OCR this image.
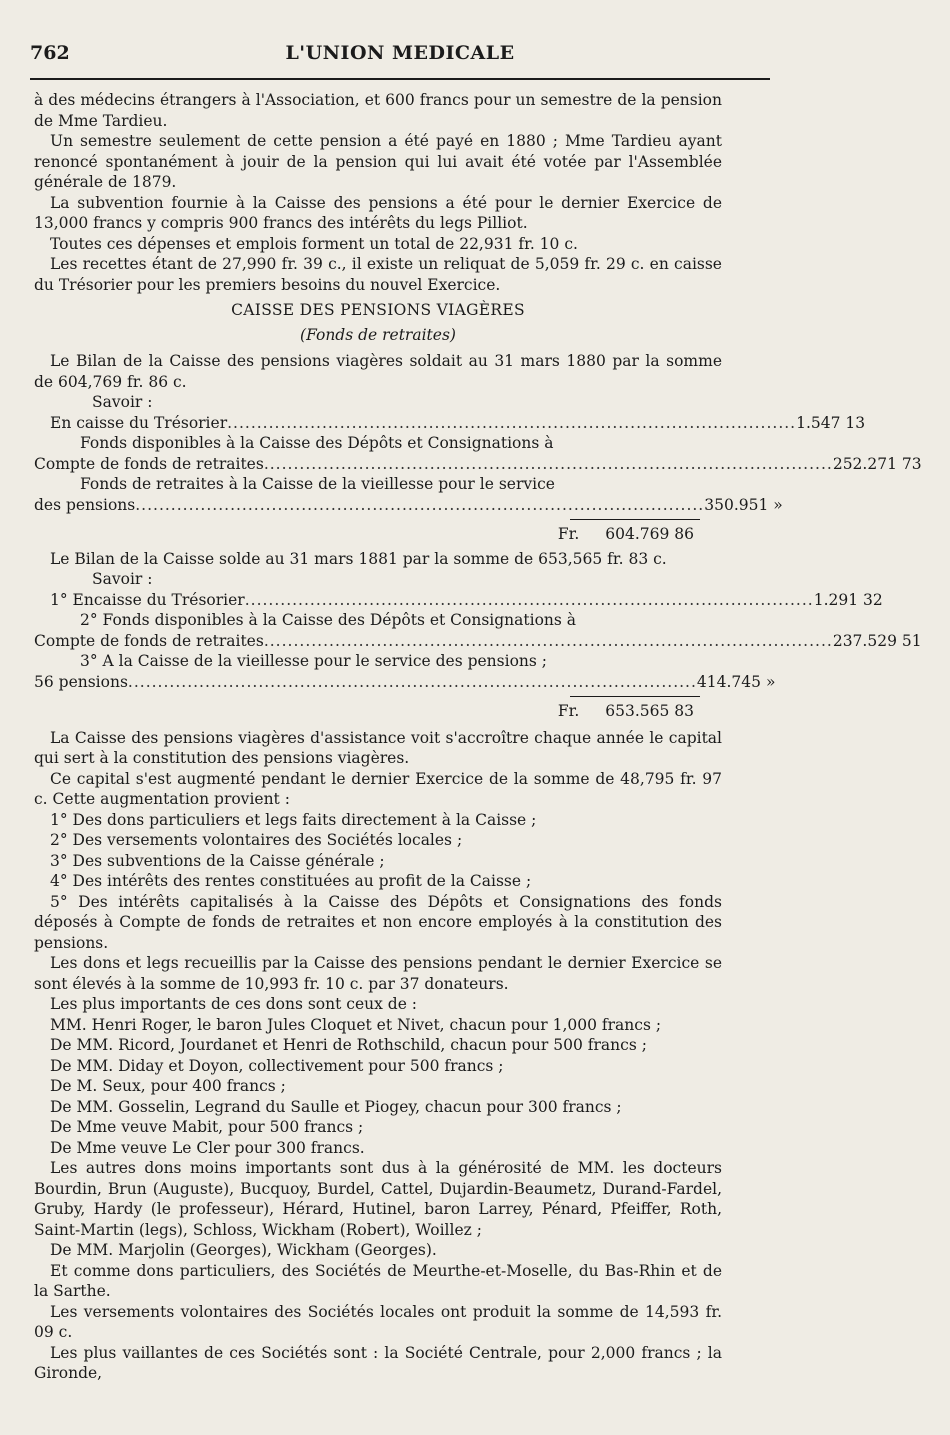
762	L'UNION MEDICALE

à des médecins étrangers à l'Association, et 600 francs pour un semestre de la pension de Mme Tardieu.

Un semestre seulement de cette pension a été payé en 1880 ; Mme Tardieu ayant renoncé spontanément à jouir de la pension qui lui avait été votée par l'Assemblée générale de 1879.

La subvention fournie à la Caisse des pensions a été pour le dernier Exercice de 13,000 francs y compris 900 francs des intérêts du legs Pilliot.

Toutes ces dépenses et emplois forment un total de 22,931 fr. 10 c.

Les recettes étant de 27,990 fr. 39 c., il existe un reliquat de 5,059 fr. 29 c. en caisse du Trésorier pour les premiers besoins du nouvel Exercice.

CAISSE DES PENSIONS VIAGÈRES
(Fonds de retraites)

Le Bilan de la Caisse des pensions viagères soldait au 31 mars 1880 par la somme de 604,769 fr. 86 c.

Savoir :

En caisse du Trésorier ................................................................................................ 1.547 13
Fonds disponibles à la Caisse des Dépôts et Consignations à
Compte de fonds de retraites ................................................................................................ 252.271 73
Fonds de retraites à la Caisse de la vieillesse pour le service
des pensions ................................................................................................ 350.951 »
Fr. 604.769 86

Le Bilan de la Caisse solde au 31 mars 1881 par la somme de 653,565 fr. 83 c.

Savoir :

1° Encaisse du Trésorier ................................................................................................ 1.291 32
2° Fonds disponibles à la Caisse des Dépôts et Consignations à
Compte de fonds de retraites ................................................................................................ 237.529 51
3° A la Caisse de la vieillesse pour le service des pensions ;
56 pensions ................................................................................................ 414.745 »
Fr. 653.565 83

La Caisse des pensions viagères d'assistance voit s'accroître chaque année le capital qui sert à la constitution des pensions viagères.

Ce capital s'est augmenté pendant le dernier Exercice de la somme de 48,795 fr. 97 c. Cette augmentation provient :

1° Des dons particuliers et legs faits directement à la Caisse ;

2° Des versements volontaires des Sociétés locales ;

3° Des subventions de la Caisse générale ;

4° Des intérêts des rentes constituées au profit de la Caisse ;

5° Des intérêts capitalisés à la Caisse des Dépôts et Consignations des fonds déposés à Compte de fonds de retraites et non encore employés à la constitution des pensions.

Les dons et legs recueillis par la Caisse des pensions pendant le dernier Exercice se sont élevés à la somme de 10,993 fr. 10 c. par 37 donateurs.

Les plus importants de ces dons sont ceux de :

MM. Henri Roger, le baron Jules Cloquet et Nivet, chacun pour 1,000 francs ;

De MM. Ricord, Jourdanet et Henri de Rothschild, chacun pour 500 francs ;

De MM. Diday et Doyon, collectivement pour 500 francs ;

De M. Seux, pour 400 francs ;

De MM. Gosselin, Legrand du Saulle et Piogey, chacun pour 300 francs ;

De Mme veuve Mabit, pour 500 francs ;

De Mme veuve Le Cler pour 300 francs.

Les autres dons moins importants sont dus à la générosité de MM. les docteurs Bourdin, Brun (Auguste), Bucquoy, Burdel, Cattel, Dujardin-Beaumetz, Durand-Fardel, Gruby, Hardy (le professeur), Hérard, Hutinel, baron Larrey, Pénard, Pfeiffer, Roth, Saint-Martin (legs), Schloss, Wickham (Robert), Woillez ;

De MM. Marjolin (Georges), Wickham (Georges).

Et comme dons particuliers, des Sociétés de Meurthe-et-Moselle, du Bas-Rhin et de la Sarthe.

Les versements volontaires des Sociétés locales ont produit la somme de 14,593 fr. 09 c.

Les plus vaillantes de ces Sociétés sont : la Société Centrale, pour 2,000 francs ; la Gironde,
